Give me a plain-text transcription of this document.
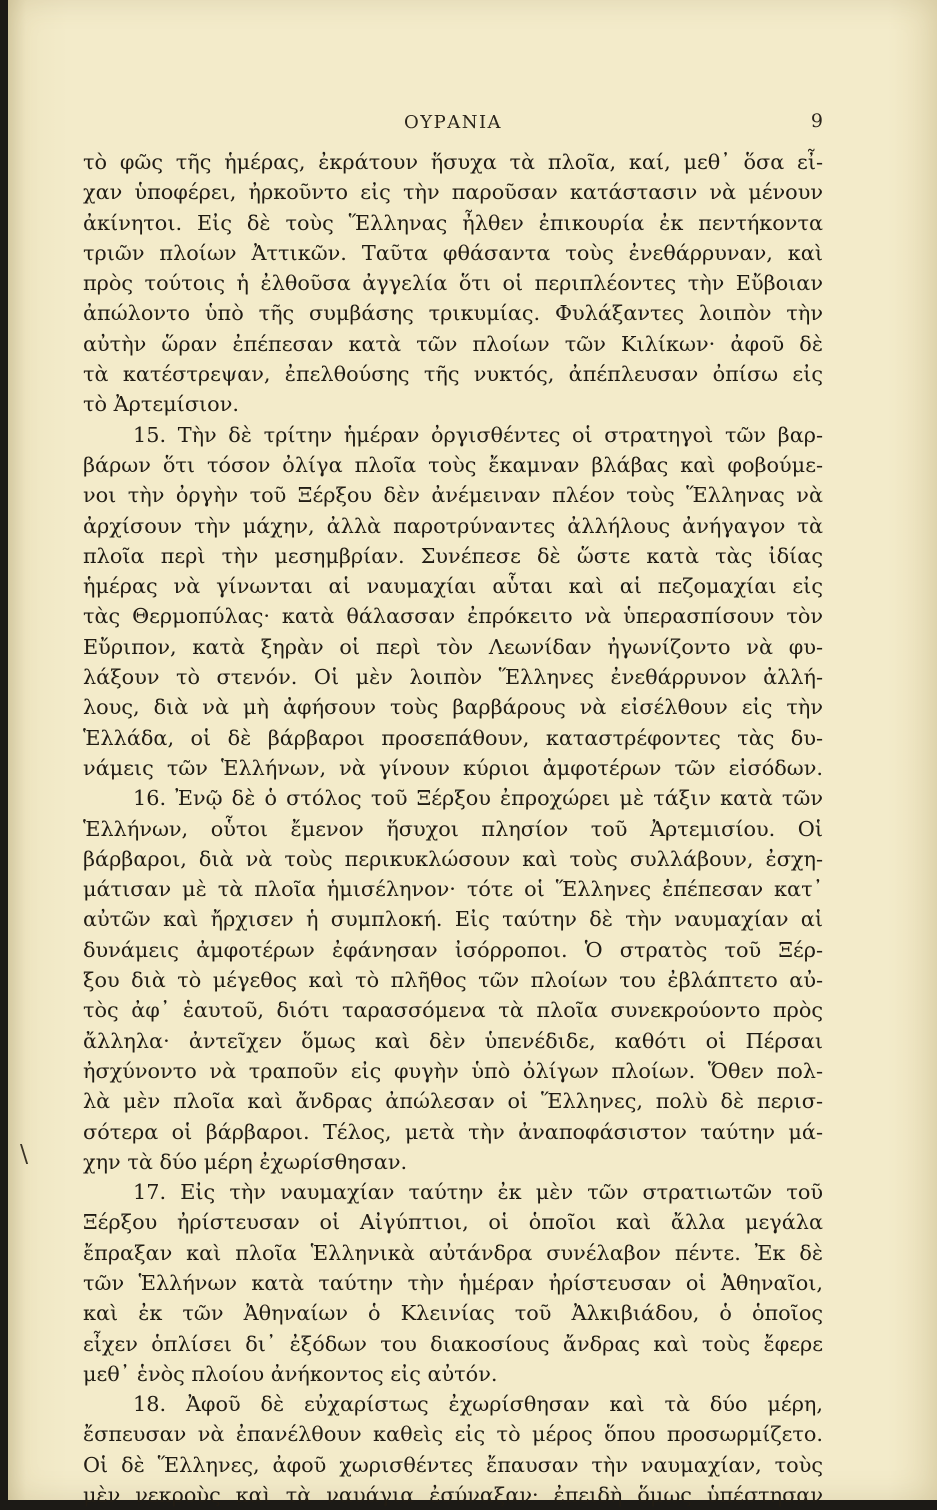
ΟΥΡΑΝΙΑ	9
\
τὸ φῶς τῆς ἡμέρας, ἐκράτουν ἥσυχα τὰ πλοῖα, καί, μεθ᾿ ὅσα εἶ-
χαν ὑποφέρει, ἠρκοῦντο εἰς τὴν παροῦσαν κατάστασιν νὰ μένουν
ἀκίνητοι. Εἰς δὲ τοὺς Ἕλληνας ἦλθεν ἐπικουρία ἐκ πεντήκοντα
τριῶν πλοίων Ἀττικῶν. Ταῦτα φθάσαντα τοὺς ἐνεθάρρυναν, καὶ
πρὸς τούτοις ἡ ἐλθοῦσα ἀγγελία ὅτι οἱ περιπλέοντες τὴν Εὔβοιαν
ἀπώλοντο ὑπὸ τῆς συμβάσης τρικυμίας. Φυλάξαντες λοιπὸν τὴν
αὐτὴν ὥραν ἐπέπεσαν κατὰ τῶν πλοίων τῶν Κιλίκων· ἀφοῦ δὲ
τὰ κατέστρεψαν, ἐπελθούσης τῆς νυκτός, ἀπέπλευσαν ὀπίσω εἰς
τὸ Ἀρτεμίσιον.
15. Τὴν δὲ τρίτην ἡμέραν ὀργισθέντες οἱ στρατηγοὶ τῶν βαρ-
βάρων ὅτι τόσον ὀλίγα πλοῖα τοὺς ἔκαμναν βλάβας καὶ φοβούμε-
νοι τὴν ὀργὴν τοῦ Ξέρξου δὲν ἀνέμειναν πλέον τοὺς Ἕλληνας νὰ
ἀρχίσουν τὴν μάχην, ἀλλὰ παροτρύναντες ἀλλήλους ἀνήγαγον τὰ
πλοῖα περὶ τὴν μεσημβρίαν. Συνέπεσε δὲ ὥστε κατὰ τὰς ἰδίας
ἡμέρας νὰ γίνωνται αἱ ναυμαχίαι αὗται καὶ αἱ πεζομαχίαι εἰς
τὰς Θερμοπύλας· κατὰ θάλασσαν ἐπρόκειτο νὰ ὑπερασπίσουν τὸν
Εὔριπον, κατὰ ξηρὰν οἱ περὶ τὸν Λεωνίδαν ἠγωνίζοντο νὰ φυ-
λάξουν τὸ στενόν. Οἱ μὲν λοιπὸν Ἕλληνες ἐνεθάρρυνον ἀλλή-
λους, διὰ νὰ μὴ ἀφήσουν τοὺς βαρβάρους νὰ εἰσέλθουν εἰς τὴν
Ἑλλάδα, οἱ δὲ βάρβαροι προσεπάθουν, καταστρέφοντες τὰς δυ-
νάμεις τῶν Ἑλλήνων, νὰ γίνουν κύριοι ἀμφοτέρων τῶν εἰσόδων.
16. Ἐνῷ δὲ ὁ στόλος τοῦ Ξέρξου ἐπροχώρει μὲ τάξιν κατὰ τῶν
Ἑλλήνων, οὗτοι ἔμενον ἥσυχοι πλησίον τοῦ Ἀρτεμισίου. Οἱ
βάρβαροι, διὰ νὰ τοὺς περικυκλώσουν καὶ τοὺς συλλάβουν, ἐσχη-
μάτισαν μὲ τὰ πλοῖα ἡμισέληνον· τότε οἱ Ἕλληνες ἐπέπεσαν κατ᾿
αὐτῶν καὶ ἤρχισεν ἡ συμπλοκή. Εἰς ταύτην δὲ τὴν ναυμαχίαν αἱ
δυνάμεις ἀμφοτέρων ἐφάνησαν ἰσόρροποι. Ὁ στρατὸς τοῦ Ξέρ-
ξου διὰ τὸ μέγεθος καὶ τὸ πλῆθος τῶν πλοίων του ἐβλάπτετο αὐ-
τὸς ἀφ᾿ ἑαυτοῦ, διότι ταρασσόμενα τὰ πλοῖα συνεκρούοντο πρὸς
ἄλληλα· ἀντεῖχεν ὅμως καὶ δὲν ὑπενέδιδε, καθότι οἱ Πέρσαι
ἠσχύνοντο νὰ τραποῦν εἰς φυγὴν ὑπὸ ὀλίγων πλοίων. Ὅθεν πολ-
λὰ μὲν πλοῖα καὶ ἄνδρας ἀπώλεσαν οἱ Ἕλληνες, πολὺ δὲ περισ-
σότερα οἱ βάρβαροι. Τέλος, μετὰ τὴν ἀναποφάσιστον ταύτην μά-
χην τὰ δύο μέρη ἐχωρίσθησαν.
17. Εἰς τὴν ναυμαχίαν ταύτην ἐκ μὲν τῶν στρατιωτῶν τοῦ
Ξέρξου ἠρίστευσαν οἱ Αἰγύπτιοι, οἱ ὁποῖοι καὶ ἄλλα μεγάλα
ἔπραξαν καὶ πλοῖα Ἑλληνικὰ αὐτάνδρα συνέλαβον πέντε. Ἐκ δὲ
τῶν Ἑλλήνων κατὰ ταύτην τὴν ἡμέραν ἠρίστευσαν οἱ Ἀθηναῖοι,
καὶ ἐκ τῶν Ἀθηναίων ὁ Κλεινίας τοῦ Ἀλκιβιάδου, ὁ ὁποῖος
εἶχεν ὁπλίσει δι᾿ ἐξόδων του διακοσίους ἄνδρας καὶ τοὺς ἔφερε
μεθ᾿ ἑνὸς πλοίου ἀνήκοντος εἰς αὐτόν.
18. Ἀφοῦ δὲ εὐχαρίστως ἐχωρίσθησαν καὶ τὰ δύο μέρη,
ἔσπευσαν νὰ ἐπανέλθουν καθεὶς εἰς τὸ μέρος ὅπου προσωρμίζετο.
Οἱ δὲ Ἕλληνες, ἀφοῦ χωρισθέντες ἔπαυσαν τὴν ναυμαχίαν, τοὺς
μὲν νεκροὺς καὶ τὰ ναυάγια ἐσύναξαν· ἐπειδὴ ὅμως ὑπέστησαν
